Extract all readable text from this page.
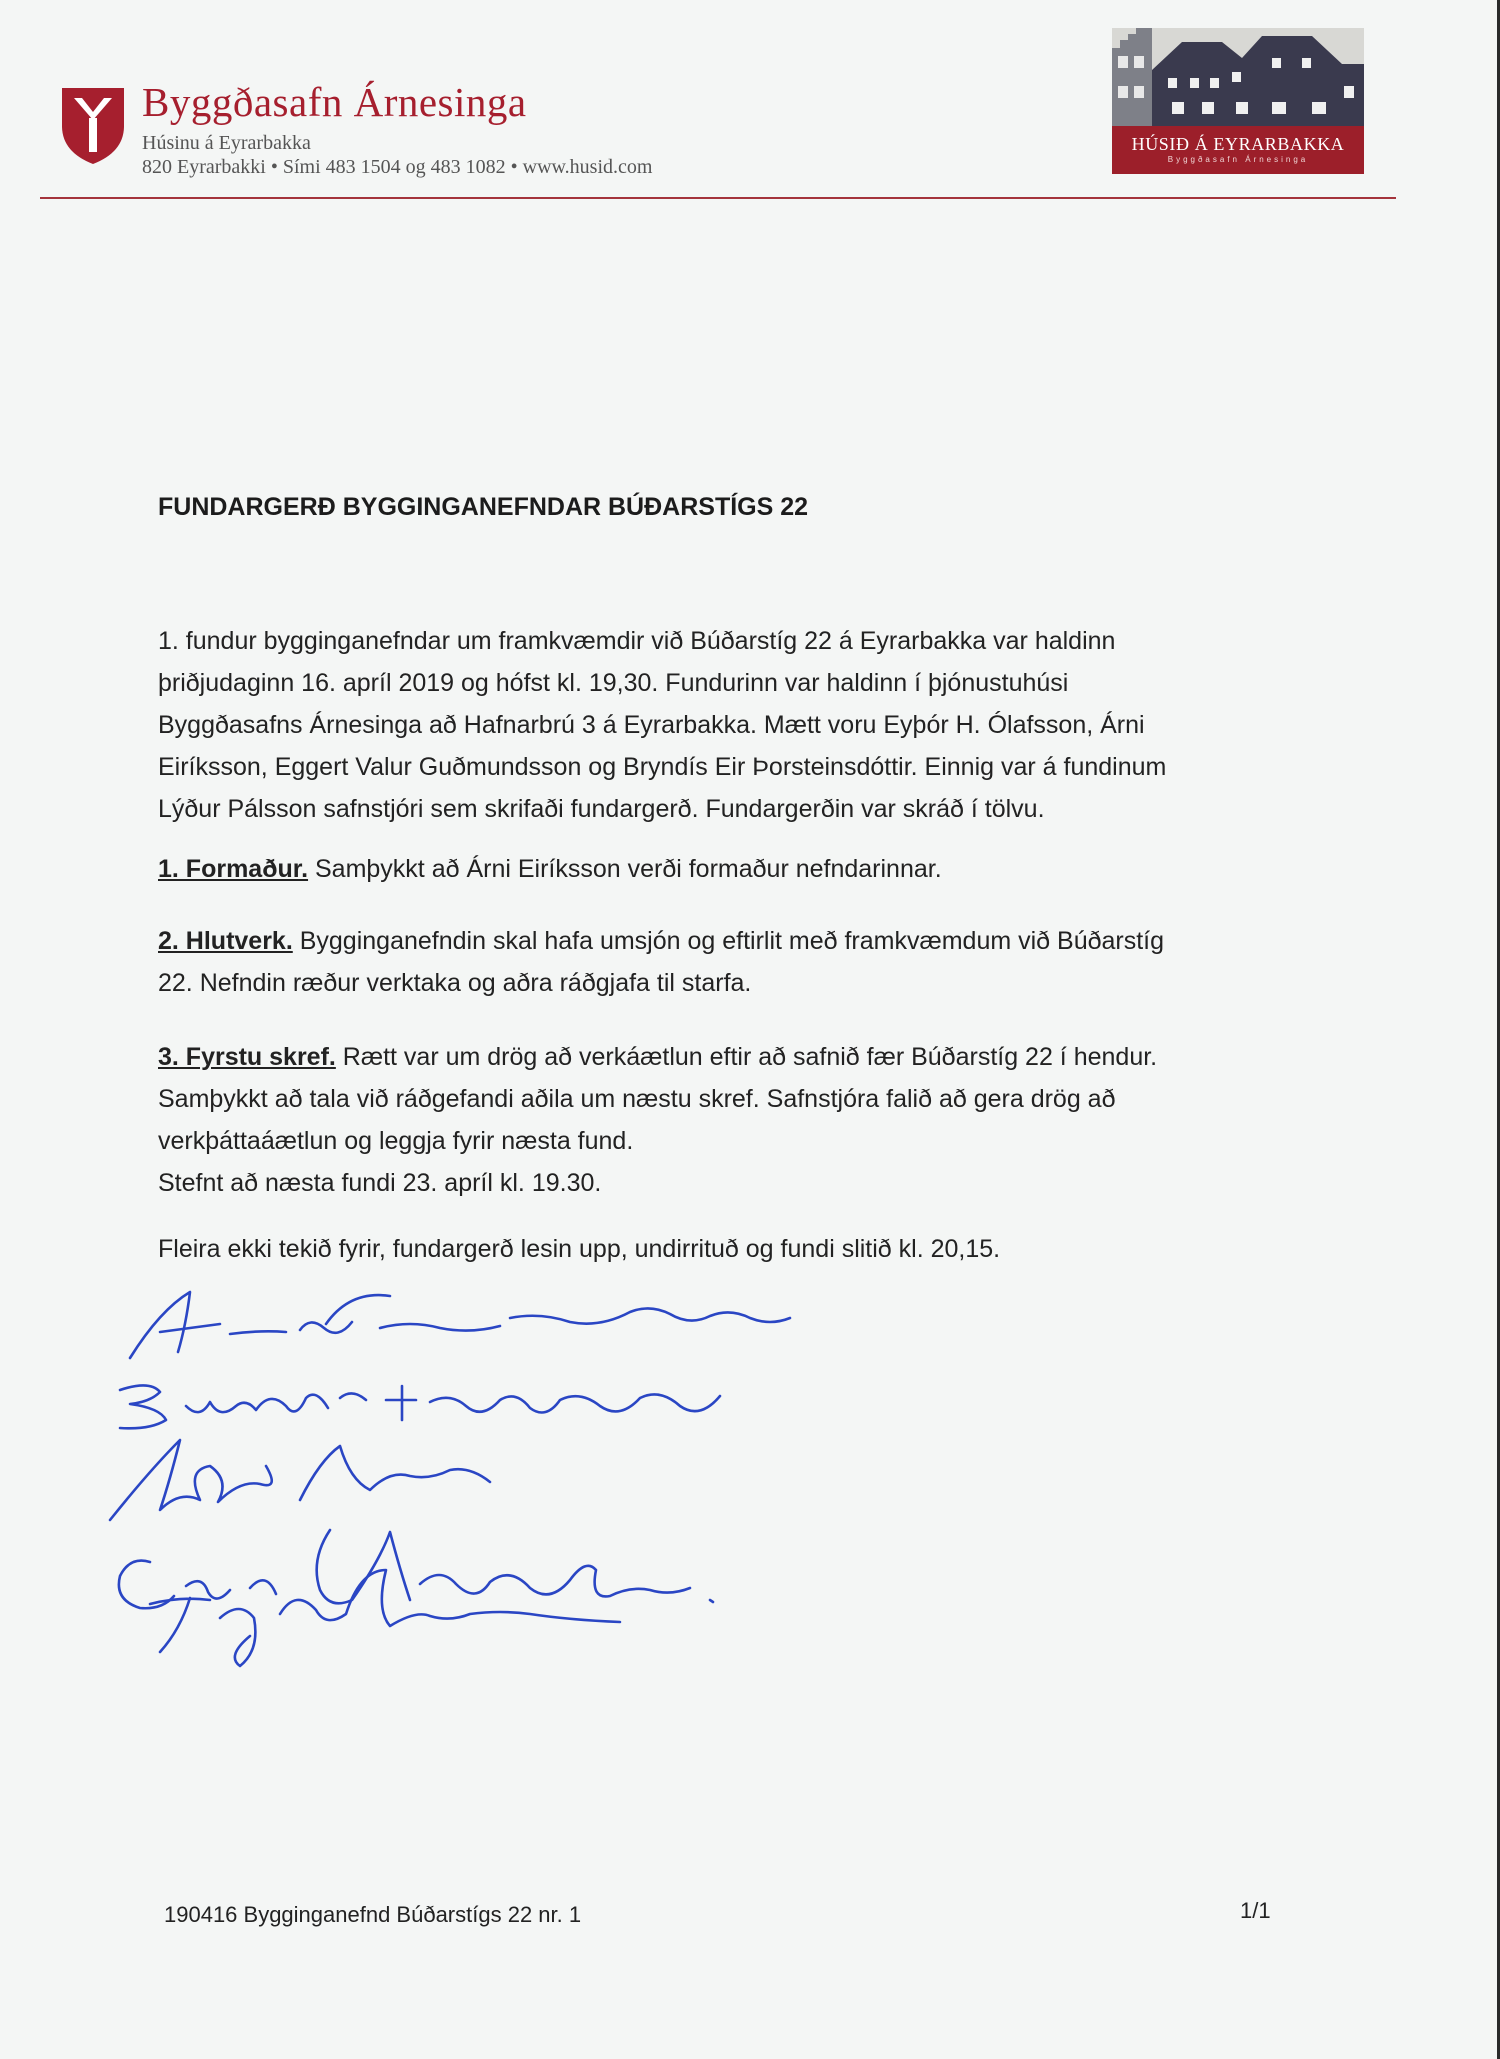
Byggðasafn Árnesinga
Húsinu á Eyrarbakka
820 Eyrarbakki • Sími 483 1504 og 483 1082 • www.husid.com
HÚSIÐ Á EYRARBAKKA
Byggðasafn Árnesinga
FUNDARGERÐ BYGGINGANEFNDAR BÚÐARSTÍGS 22

1. fundur bygginganefndar um framkvæmdir við Búðarstíg 22 á Eyrarbakka var haldinn
þriðjudaginn 16. apríl 2019 og hófst kl. 19,30. Fundurinn var haldinn í þjónustuhúsi
Byggðasafns Árnesinga að Hafnarbrú 3 á Eyrarbakka. Mætt voru Eyþór H. Ólafsson, Árni
Eiríksson, Eggert Valur Guðmundsson og Bryndís Eir Þorsteinsdóttir. Einnig var á fundinum
Lýður Pálsson safnstjóri sem skrifaði fundargerð. Fundargerðin var skráð í tölvu.

1. Formaður. Samþykkt að Árni Eiríksson verði formaður nefndarinnar.

2. Hlutverk. Bygginganefndin skal hafa umsjón og eftirlit með framkvæmdum við Búðarstíg
22. Nefndin ræður verktaka og aðra ráðgjafa til starfa.

3. Fyrstu skref. Rætt var um drög að verkáætlun eftir að safnið fær Búðarstíg 22 í hendur.
Samþykkt að tala við ráðgefandi aðila um næstu skref. Safnstjóra falið að gera drög að
verkþáttaáætlun og leggja fyrir næsta fund.
Stefnt að næsta fundi 23. apríl kl. 19.30.

Fleira ekki tekið fyrir, fundargerð lesin upp, undirrituð og fundi slitið kl. 20,15.

190416 Bygginganefnd Búðarstígs 22 nr. 1	1/1
